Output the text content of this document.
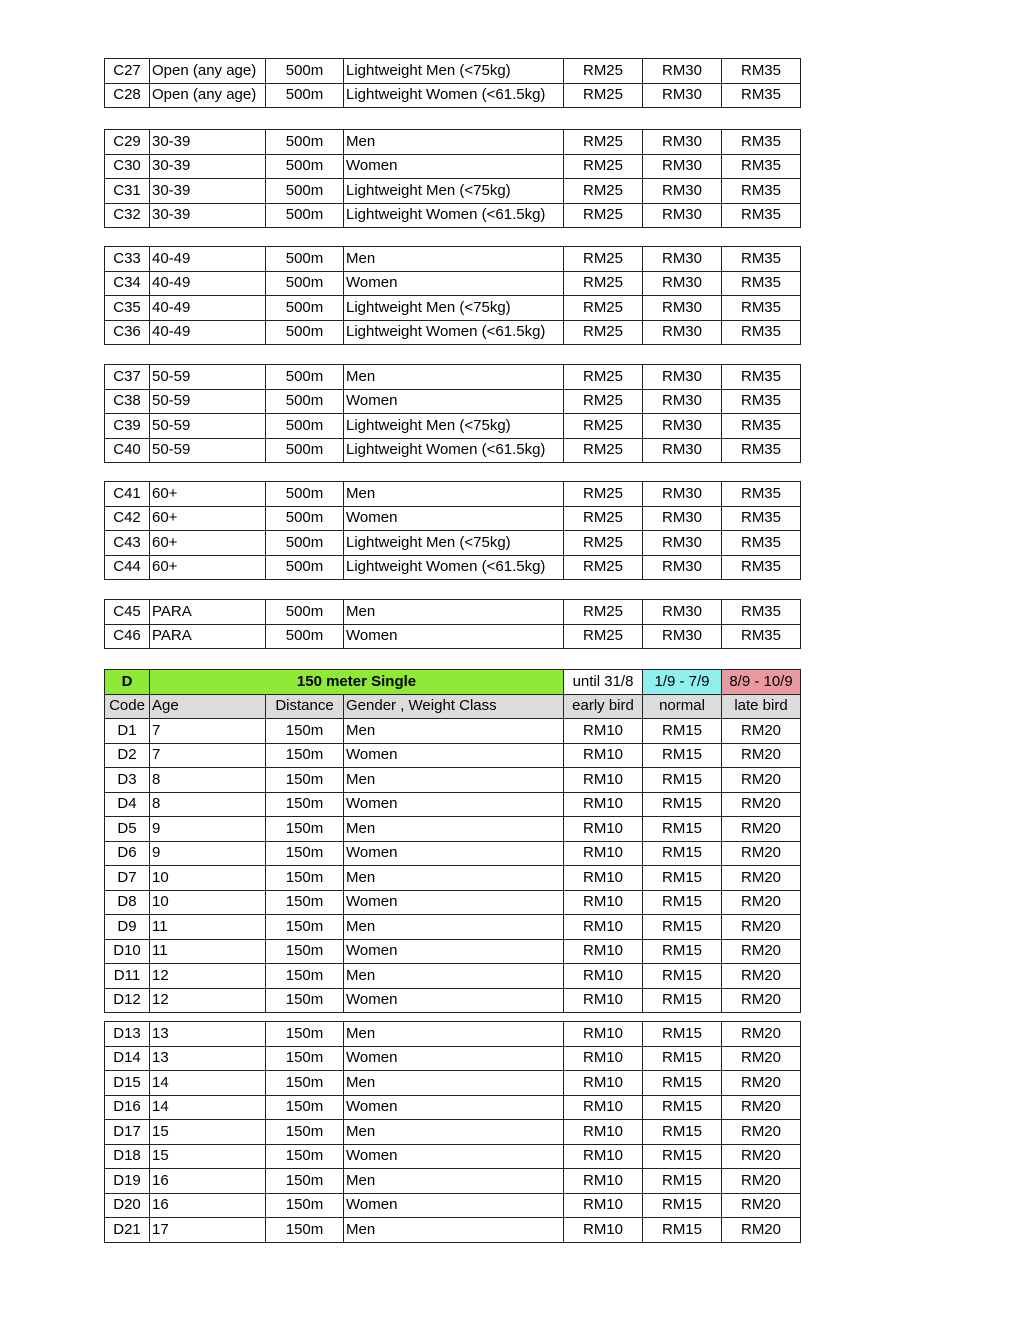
C27	Open (any age)	500m	Lightweight Men (<75kg)	RM25	RM30	RM35
C28	Open (any age)	500m	Lightweight Women (<61.5kg)	RM25	RM30	RM35
C29	30-39	500m	Men	RM25	RM30	RM35
C30	30-39	500m	Women	RM25	RM30	RM35
C31	30-39	500m	Lightweight Men (<75kg)	RM25	RM30	RM35
C32	30-39	500m	Lightweight Women (<61.5kg)	RM25	RM30	RM35
C33	40-49	500m	Men	RM25	RM30	RM35
C34	40-49	500m	Women	RM25	RM30	RM35
C35	40-49	500m	Lightweight Men (<75kg)	RM25	RM30	RM35
C36	40-49	500m	Lightweight Women (<61.5kg)	RM25	RM30	RM35
C37	50-59	500m	Men	RM25	RM30	RM35
C38	50-59	500m	Women	RM25	RM30	RM35
C39	50-59	500m	Lightweight Men (<75kg)	RM25	RM30	RM35
C40	50-59	500m	Lightweight Women (<61.5kg)	RM25	RM30	RM35
C41	60+	500m	Men	RM25	RM30	RM35
C42	60+	500m	Women	RM25	RM30	RM35
C43	60+	500m	Lightweight Men (<75kg)	RM25	RM30	RM35
C44	60+	500m	Lightweight Women (<61.5kg)	RM25	RM30	RM35
C45	PARA	500m	Men	RM25	RM30	RM35
C46	PARA	500m	Women	RM25	RM30	RM35
D	150 meter Single			until 31/8	1/9 - 7/9	8/9 - 10/9
Code	Age	Distance	Gender , Weight Class	early bird	normal	late bird
D1	7	150m	Men	RM10	RM15	RM20
D2	7	150m	Women	RM10	RM15	RM20
D3	8	150m	Men	RM10	RM15	RM20
D4	8	150m	Women	RM10	RM15	RM20
D5	9	150m	Men	RM10	RM15	RM20
D6	9	150m	Women	RM10	RM15	RM20
D7	10	150m	Men	RM10	RM15	RM20
D8	10	150m	Women	RM10	RM15	RM20
D9	11	150m	Men	RM10	RM15	RM20
D10	11	150m	Women	RM10	RM15	RM20
D11	12	150m	Men	RM10	RM15	RM20
D12	12	150m	Women	RM10	RM15	RM20
D13	13	150m	Men	RM10	RM15	RM20
D14	13	150m	Women	RM10	RM15	RM20
D15	14	150m	Men	RM10	RM15	RM20
D16	14	150m	Women	RM10	RM15	RM20
D17	15	150m	Men	RM10	RM15	RM20
D18	15	150m	Women	RM10	RM15	RM20
D19	16	150m	Men	RM10	RM15	RM20
D20	16	150m	Women	RM10	RM15	RM20
D21	17	150m	Men	RM10	RM15	RM20
